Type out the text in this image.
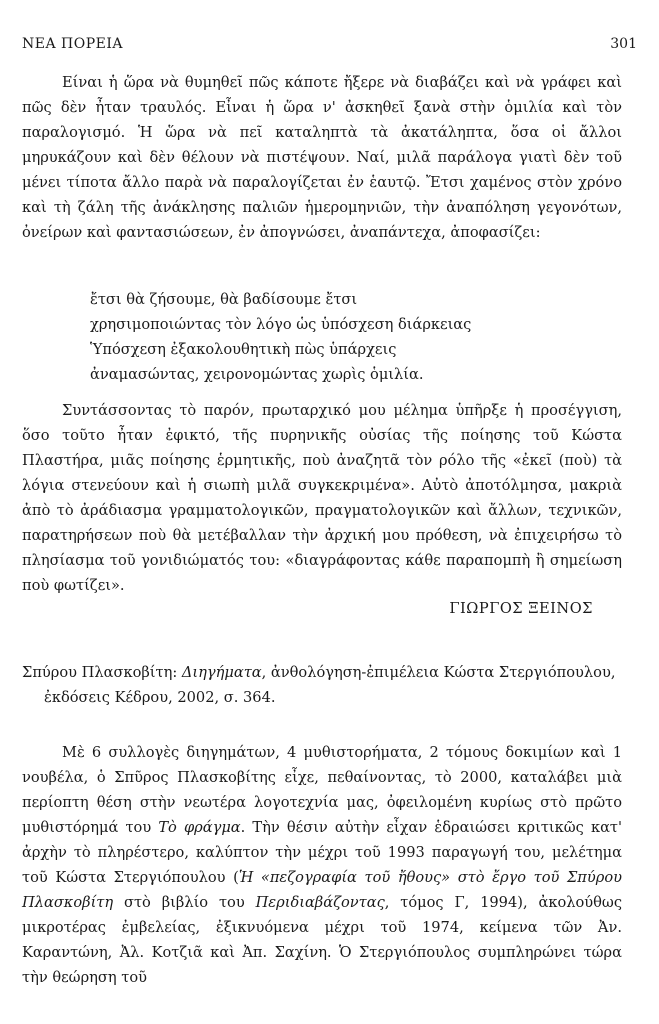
ΝΕΑ ΠΟΡΕΙΑ	301

Είναι ἡ ὥρα νὰ θυμηθεῖ πῶς κάποτε ἤξερε νὰ διαβάζει καὶ νὰ γράφει καὶ πῶς δὲν ἦταν τραυλός. Εἶναι ἡ ὥρα ν' ἀσκηθεῖ ξανὰ στὴν ὁμιλία καὶ τὸν παραλογισμό. Ἡ ὥρα νὰ πεῖ καταληπτὰ τὰ ἀκατάληπτα, ὅσα οἱ ἄλλοι μηρυκάζουν καὶ δὲν θέλουν νὰ πιστέψουν. Ναί, μιλᾶ παράλογα γιατὶ δὲν τοῦ μένει τίποτα ἄλλο παρὰ νὰ παραλογίζεται ἐν ἑαυτῷ. Ἔτσι χαμένος στὸν χρόνο καὶ τὴ ζάλη τῆς ἀνάκλησης παλιῶν ἡμερομηνιῶν, τὴν ἀναπόληση γεγονότων, ὀνείρων καὶ φαντασιώσεων, ἐν ἀπογνώσει, ἀναπάντεχα, ἀποφασίζει:

ἔτσι θὰ ζήσουμε, θὰ βαδίσουμε ἔτσι
χρησιμοποιώντας τὸν λόγο ὡς ὑπόσχεση διάρκειας
Ὑπόσχεση ἐξακολουθητικὴ πὼς ὑπάρχεις
ἀναμασώντας, χειρονομώντας χωρὶς ὁμιλία.

Συντάσσοντας τὸ παρόν, πρωταρχικό μου μέλημα ὑπῆρξε ἡ προσέγγιση, ὅσο τοῦτο ἦταν ἐφικτό, τῆς πυρηνικῆς οὐσίας τῆς ποίησης τοῦ Κώστα Πλαστήρα, μιᾶς ποίησης ἑρμητικῆς, ποὺ ἀναζητᾶ τὸν ρόλο τῆς «ἐκεῖ (ποὺ) τὰ λόγια στενεύουν καὶ ἡ σιωπὴ μιλᾶ συγκεκριμένα». Αὐτὸ ἀποτόλμησα, μακριὰ ἀπὸ τὸ ἀράδιασμα γραμματολογικῶν, πραγματολογικῶν καὶ ἄλλων, τεχνικῶν, παρατηρήσεων ποὺ θὰ μετέβαλλαν τὴν ἀρχική μου πρόθεση, νὰ ἐπιχειρήσω τὸ πλησίασμα τοῦ γονιδιώματός του: «διαγράφοντας κάθε παραπομπὴ ἢ σημείωση ποὺ φωτίζει».

ΓΙΩΡΓΟΣ ΞΕΙΝΟΣ
Σπύρου Πλασκοβίτη: Διηγήματα, ἀνθολόγηση-ἐπιμέλεια Κώστα Στεργιόπουλου,
ἐκδόσεις Κέδρου, 2002, σ. 364.

Μὲ 6 συλλογὲς διηγημάτων, 4 μυθιστορήματα, 2 τόμους δοκιμίων καὶ 1 νουβέλα, ὁ Σπῦρος Πλασκοβίτης εἶχε, πεθαίνοντας, τὸ 2000, καταλάβει μιὰ περίοπτη θέση στὴν νεωτέρα λογοτεχνία μας, ὀφειλομένη κυρίως στὸ πρῶτο μυθιστόρημά του Τὸ φράγμα. Τὴν θέσιν αὐτὴν εἶχαν ἑδραιώσει κριτικῶς κατ' ἀρχὴν τὸ πληρέστερο, καλύπτον τὴν μέχρι τοῦ 1993 παραγωγή του, μελέτημα τοῦ Κώστα Στεργιόπουλου (Ἡ «πεζογραφία τοῦ ἤθους» στὸ ἔργο τοῦ Σπύρου Πλασκοβίτη στὸ βιβλίο του Περιδιαβάζοντας, τόμος Γ, 1994), ἀκολούθως μικροτέρας ἐμβελείας, ἐξικνυόμενα μέχρι τοῦ 1974, κείμενα τῶν Ἀν. Καραντώνη, Ἀλ. Κοτζιᾶ καὶ Ἀπ. Σαχίνη. Ὁ Στεργιόπουλος συμπληρώνει τώρα τὴν θεώρηση τοῦ
